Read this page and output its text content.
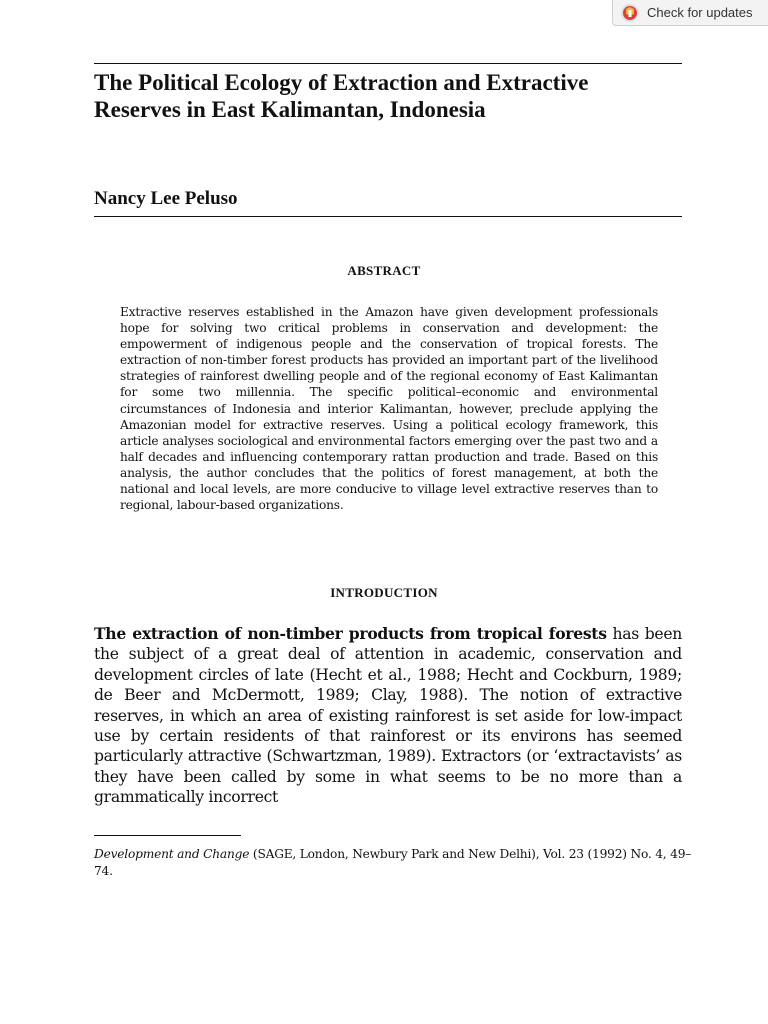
Check for updates
The Political Ecology of Extraction and Extractive Reserves in East Kalimantan, Indonesia

Nancy Lee Peluso

ABSTRACT

Extractive reserves established in the Amazon have given development professionals hope for solving two critical problems in conservation and development: the empowerment of indigenous people and the conservation of tropical forests. The extraction of non-timber forest products has provided an important part of the livelihood strategies of rainforest dwelling people and of the regional economy of East Kalimantan for some two millennia. The specific political–economic and environmental circumstances of Indonesia and interior Kalimantan, however, preclude applying the Amazonian model for extractive reserves. Using a political ecology framework, this article analyses sociological and environmental factors emerging over the past two and a half decades and influencing contemporary rattan production and trade. Based on this analysis, the author concludes that the politics of forest management, at both the national and local levels, are more conducive to village level extractive reserves than to regional, labour-based organizations.

INTRODUCTION

The extraction of non-timber products from tropical forests has been the subject of a great deal of attention in academic, conservation and development circles of late (Hecht et al., 1988; Hecht and Cockburn, 1989; de Beer and McDermott, 1989; Clay, 1988). The notion of extractive reserves, in which an area of existing rainforest is set aside for low-impact use by certain residents of that rainforest or its environs has seemed particularly attractive (Schwartzman, 1989). Extractors (or ‘extractavists’ as they have been called by some in what seems to be no more than a grammatically incorrect

Development and Change (SAGE, London, Newbury Park and New Delhi), Vol. 23 (1992) No. 4, 49–74.
